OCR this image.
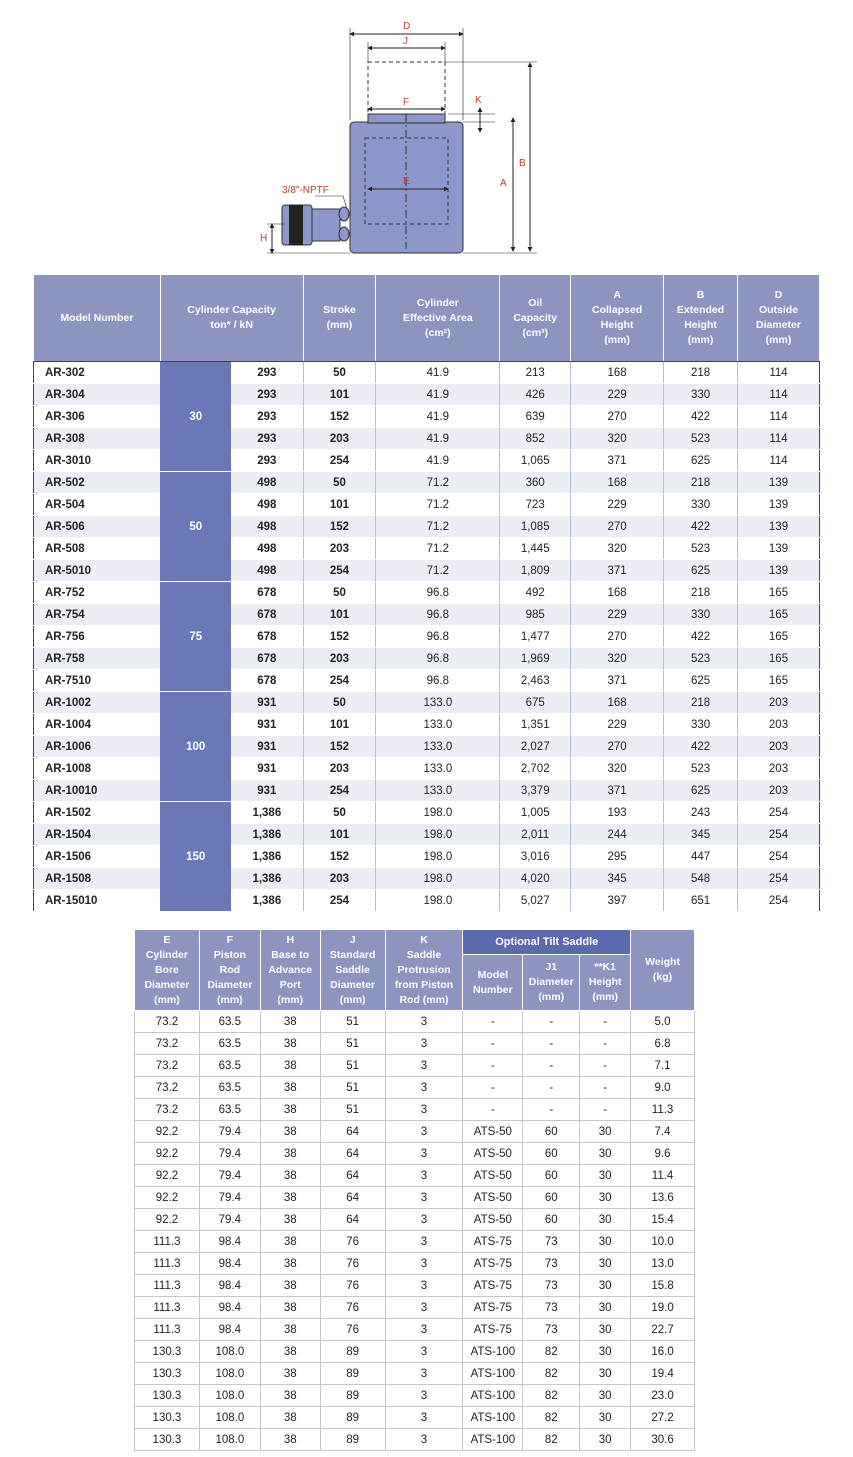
D
J
F	K
E	A
B
H
3/8"-NPTF
Model Number	Cylinder Capacity
ton* / kN		Stroke
(mm)	Cylinder
Effective Area
(cm²)	Oil
Capacity
(cm³)	A
Collapsed
Height
(mm)	B
Extended
Height
(mm)	D
Outside
Diameter
(mm)
AR-302	30	293	50	41.9	213	168	218	114
AR-304		293	101	41.9	426	229	330	114
AR-306		293	152	41.9	639	270	422	114
AR-308		293	203	41.9	852	320	523	114
AR-3010		293	254	41.9	1,065	371	625	114
AR-502	50	498	50	71.2	360	168	218	139
AR-504		498	101	71.2	723	229	330	139
AR-506		498	152	71.2	1,085	270	422	139
AR-508		498	203	71.2	1,445	320	523	139
AR-5010		498	254	71.2	1,809	371	625	139
AR-752	75	678	50	96.8	492	168	218	165
AR-754		678	101	96.8	985	229	330	165
AR-756		678	152	96.8	1,477	270	422	165
AR-758		678	203	96.8	1,969	320	523	165
AR-7510		678	254	96.8	2,463	371	625	165
AR-1002	100	931	50	133.0	675	168	218	203
AR-1004		931	101	133.0	1,351	229	330	203
AR-1006		931	152	133.0	2,027	270	422	203
AR-1008		931	203	133.0	2,702	320	523	203
AR-10010		931	254	133.0	3,379	371	625	203
AR-1502	150	1,386	50	198.0	1,005	193	243	254
AR-1504		1,386	101	198.0	2,011	244	345	254
AR-1506		1,386	152	198.0	3,016	295	447	254
AR-1508		1,386	203	198.0	4,020	345	548	254
AR-15010		1,386	254	198.0	5,027	397	651	254
E
Cylinder
Bore
Diameter
(mm)	F
Piston
Rod
Diameter
(mm)	H
Base to
Advance
Port
(mm)	J
Standard
Saddle
Diameter
(mm)	K
Saddle
Protrusion
from Piston
Rod (mm)	Optional Tilt Saddle			Weight
(kg)
					Model
Number	J1
Diameter
(mm)	**K1
Height
(mm)	
73.2	63.5	38	51	3	-	-	-	5.0
73.2	63.5	38	51	3	-	-	-	6.8
73.2	63.5	38	51	3	-	-	-	7.1
73.2	63.5	38	51	3	-	-	-	9.0
73.2	63.5	38	51	3	-	-	-	11.3
92.2	79.4	38	64	3	ATS-50	60	30	7.4
92.2	79.4	38	64	3	ATS-50	60	30	9.6
92.2	79.4	38	64	3	ATS-50	60	30	11.4
92.2	79.4	38	64	3	ATS-50	60	30	13.6
92.2	79.4	38	64	3	ATS-50	60	30	15.4
111.3	98.4	38	76	3	ATS-75	73	30	10.0
111.3	98.4	38	76	3	ATS-75	73	30	13.0
111.3	98.4	38	76	3	ATS-75	73	30	15.8
111.3	98.4	38	76	3	ATS-75	73	30	19.0
111.3	98.4	38	76	3	ATS-75	73	30	22.7
130.3	108.0	38	89	3	ATS-100	82	30	16.0
130.3	108.0	38	89	3	ATS-100	82	30	19.4
130.3	108.0	38	89	3	ATS-100	82	30	23.0
130.3	108.0	38	89	3	ATS-100	82	30	27.2
130.3	108.0	38	89	3	ATS-100	82	30	30.6
